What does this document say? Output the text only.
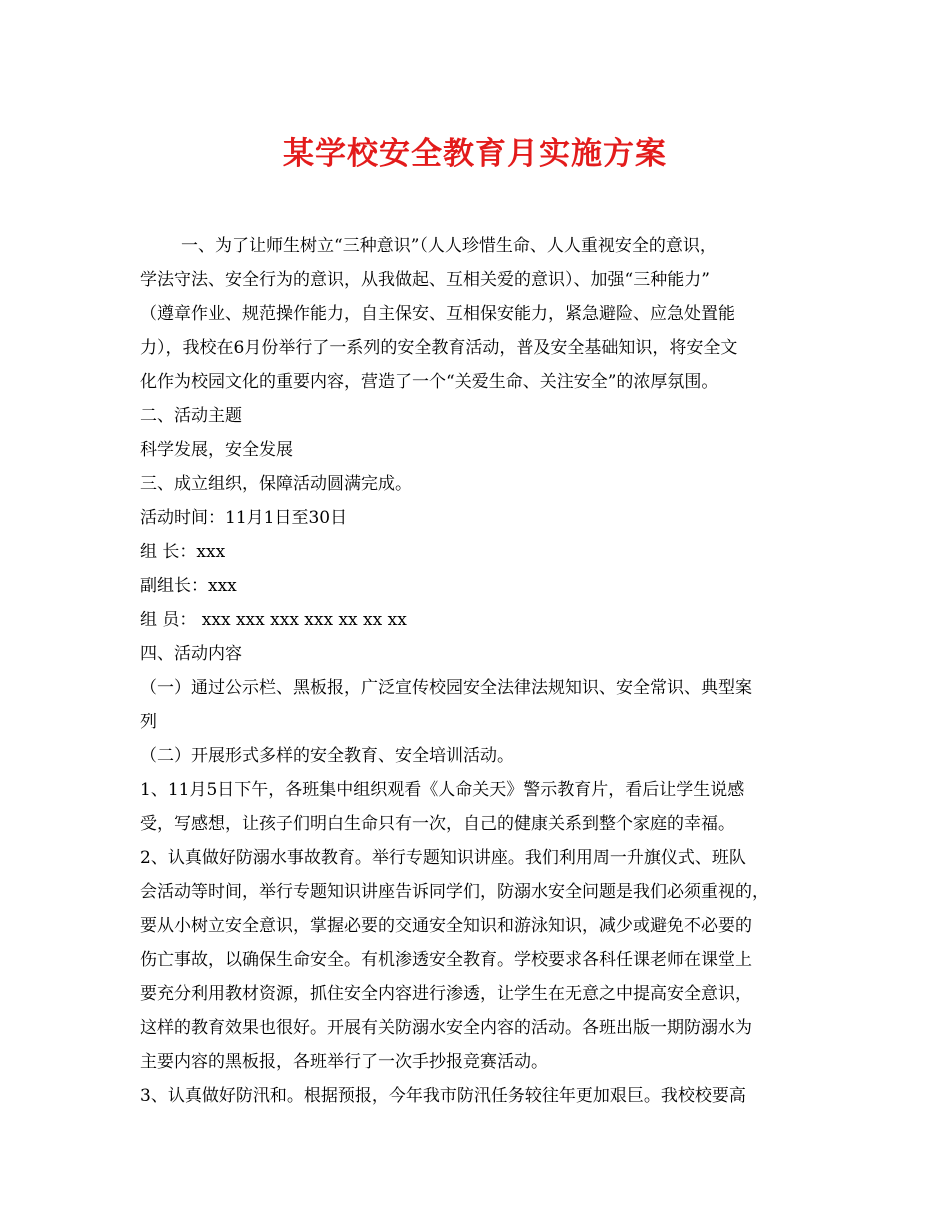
某学校安全教育月实施方案
一、为了让师生树立“三种意识”（人人珍惜生命、人人重视安全的意识，
学法守法、安全行为的意识，从我做起、互相关爱的意识）、加强“三种能力”
（遵章作业、规范操作能力，自主保安、互相保安能力，紧急避险、应急处置能
力），我校在6月份举行了一系列的安全教育活动，普及安全基础知识，将安全文
化作为校园文化的重要内容，营造了一个“关爱生命、关注安全”的浓厚氛围。
二、活动主题
科学发展，安全发展
三、成立组织，保障活动圆满完成。
活动时间：11月1日至30日
组 长：xxx
副组长：xxx
组 员： xxx xxx xxx xxx xx xx xx
四、活动内容
（一）通过公示栏、黑板报，广泛宣传校园安全法律法规知识、安全常识、典型案
列
（二）开展形式多样的安全教育、安全培训活动。
1、11月5日下午，各班集中组织观看《人命关天》警示教育片，看后让学生说感
受，写感想，让孩子们明白生命只有一次，自己的健康关系到整个家庭的幸福。
2、认真做好防溺水事故教育。举行专题知识讲座。我们利用周一升旗仪式、班队
会活动等时间，举行专题知识讲座告诉同学们，防溺水安全问题是我们必须重视的，
要从小树立安全意识，掌握必要的交通安全知识和游泳知识，减少或避免不必要的
伤亡事故，以确保生命安全。有机渗透安全教育。学校要求各科任课老师在课堂上
要充分利用教材资源，抓住安全内容进行渗透，让学生在无意之中提高安全意识，
这样的教育效果也很好。开展有关防溺水安全内容的活动。各班出版一期防溺水为
主要内容的黑板报，各班举行了一次手抄报竞赛活动。
3、认真做好防汛和。根据预报，今年我市防汛任务较往年更加艰巨。我校校要高
